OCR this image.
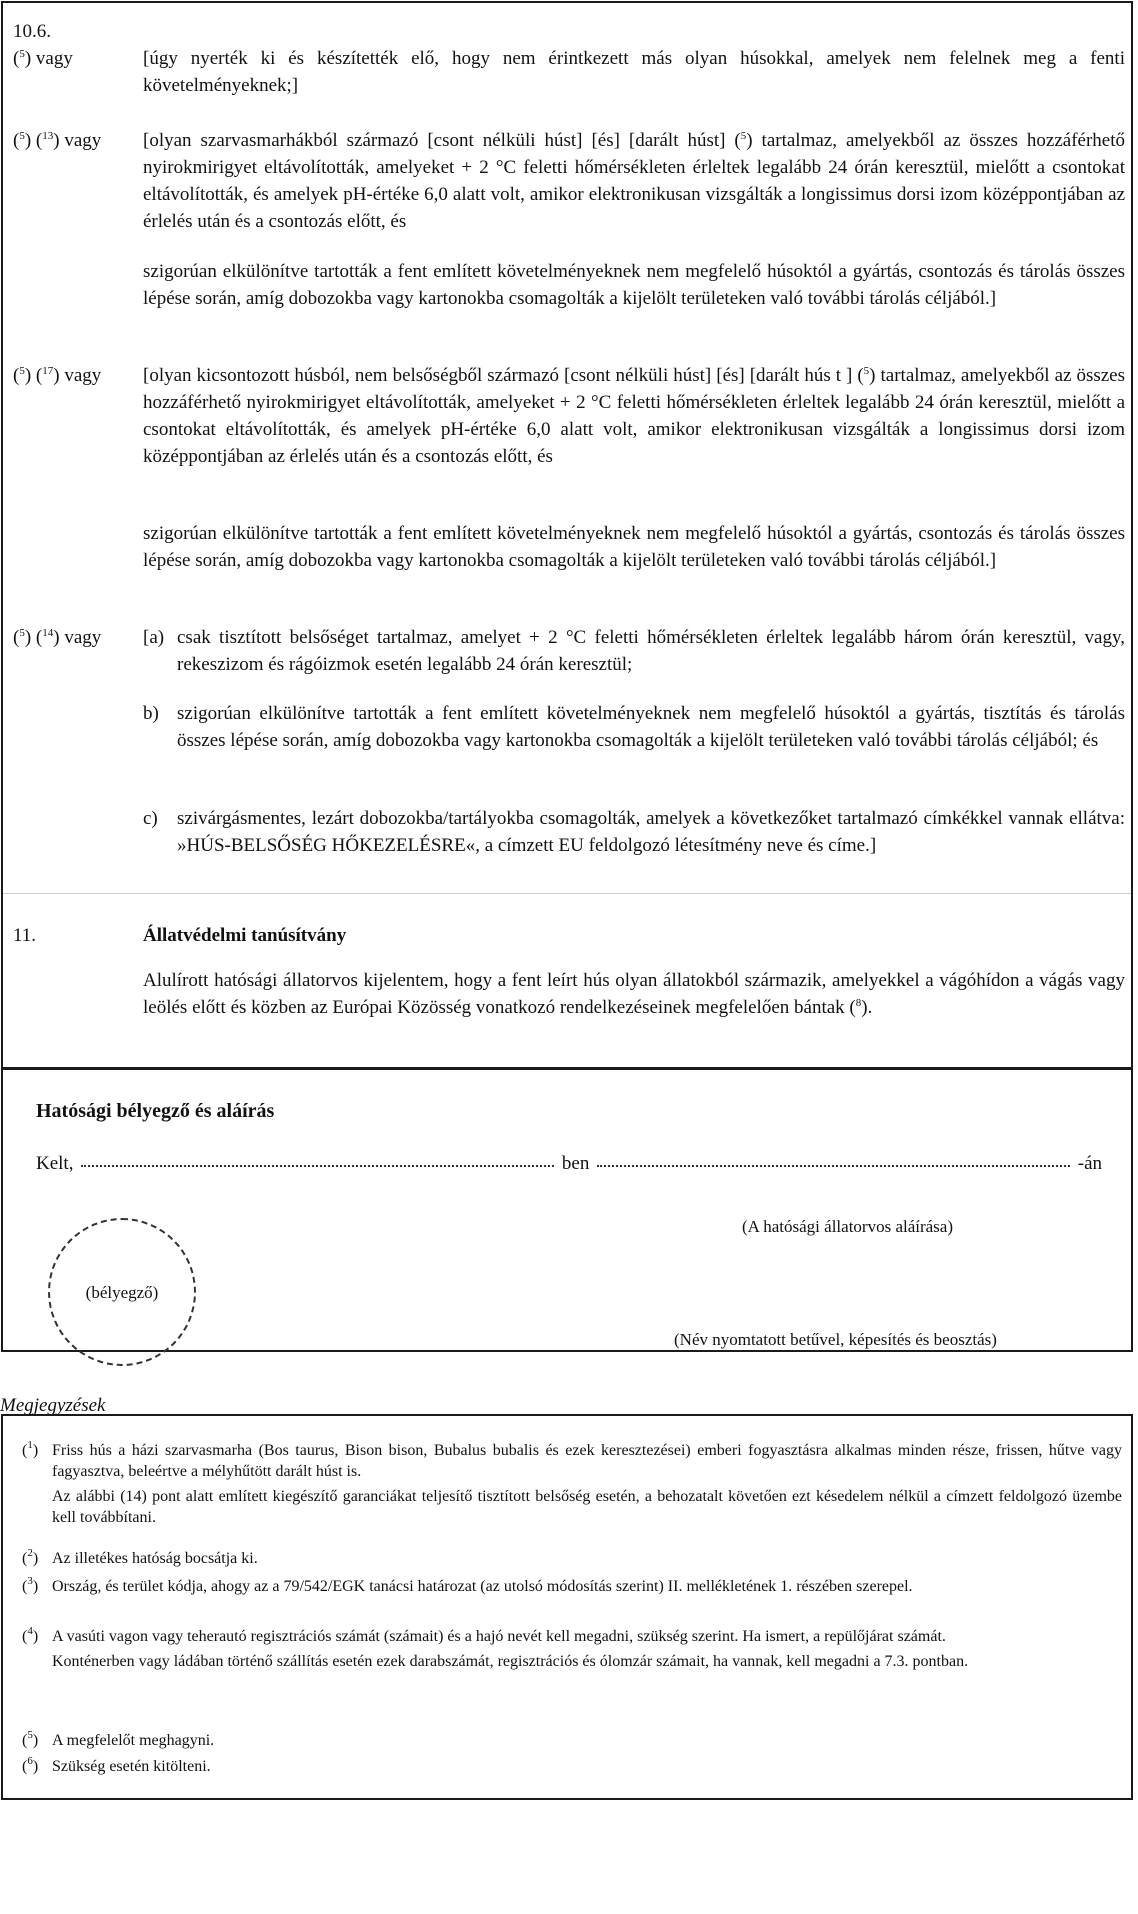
10.6.
($^5$) vagy	[úgy nyerték ki és készítették elő, hogy nem érintkezett más olyan húsokkal, amelyek nem felelnek meg a fenti követelményeknek;]
($^5$) ($^{13}$) vagy [olyan szarvasmarhákból származó [csont nélküli húst] [és] [darált húst] ($^5$) tartalmaz, amelyekből az összes hozzáférhető nyirokmirigyet eltávolították, amelyeket + 2 °C feletti hőmérsékleten érleltek legalább 24 órán keresztül, mielőtt a csontokat eltávolították, és amelyek pH-értéke 6,0 alatt volt, amikor elektronikusan vizsgálták a longissimus dorsi izom középpontjában az érlelés után és a csontozás előtt, és
szigorúan elkülönítve tartották a fent említett követelményeknek nem megfelelő húsoktól a gyártás, csontozás és tárolás összes lépése során, amíg dobozokba vagy kartonokba csomagolták a kijelölt területeken való további tárolás céljából.]
($^5$) ($^{17}$) vagy [olyan kicsontozott húsból, nem belsőségből származó [csont nélküli húst] [és] [darált hús t ] ($^5$) tartalmaz, amelyekből az összes hozzáférhető nyirokmirigyet eltávolították, amelyeket + 2 °C feletti hőmérsékleten érleltek legalább 24 órán keresztül, mielőtt a csontokat eltávolították, és amelyek pH-értéke 6,0 alatt volt, amikor elektronikusan vizsgálták a longissimus dorsi izom középpontjában az érlelés után és a csontozás előtt, és
szigorúan elkülönítve tartották a fent említett követelményeknek nem megfelelő húsoktól a gyártás, csontozás és tárolás összes lépése során, amíg dobozokba vagy kartonokba csomagolták a kijelölt területeken való további tárolás céljából.]
($^5$) ($^{14}$) vagy [a) csak tisztított belsőséget tartalmaz, amelyet + 2 °C feletti hőmérsékleten érleltek legalább három órán keresztül, vagy, rekeszizom és rágóizmok esetén legalább 24 órán keresztül;
b) szigorúan elkülönítve tartották a fent említett követelményeknek nem megfelelő húsoktól a gyártás, tisztítás és tárolás összes lépése során, amíg dobozokba vagy kartonokba csomagolták a kijelölt területeken való további tárolás céljából; és
c) szivárgásmentes, lezárt dobozokba/tartályokba csomagolták, amelyek a következőket tartalmazó címkékkel vannak ellátva: »HÚS-BELSŐSÉG HŐKEZELÉSRE«, a címzett EU feldolgozó létesítmény neve és címe.]
11.	Állatvédelmi tanúsítvány
Alulírott hatósági állatorvos kijelentem, hogy a fent leírt hús olyan állatokból származik, amelyekkel a vágóhídon a vágás vagy leölés előtt és közben az Európai Közösség vonatkozó rendelkezéseinek megfelelően bántak ($^8$).
Hatósági bélyegző és aláírás
Kelt,	ben	-án
(bélyegző)
(A hatósági állatorvos aláírása)
(Név nyomtatott betűvel, képesítés és beosztás)
Megjegyzések
($^1$) Friss hús a házi szarvasmarha (Bos taurus, Bison bison, Bubalus bubalis és ezek keresztezései) emberi fogyasztásra alkalmas minden része, frissen, hűtve vagy fagyasztva, beleértve a mélyhűtött darált húst is.

Az alábbi (14) pont alatt említett kiegészítő garanciákat teljesítő tisztított belsőség esetén, a behozatalt követően ezt késedelem nélkül a címzett feldolgozó üzembe kell továbbítani.

($^2$) Az illetékes hatóság bocsátja ki.

($^3$) Ország, és terület kódja, ahogy az a 79/542/EGK tanácsi határozat (az utolsó módosítás szerint) II. mellékletének 1. részében szerepel.

($^4$) A vasúti vagon vagy teherautó regisztrációs számát (számait) és a hajó nevét kell megadni, szükség szerint. Ha ismert, a repülőjárat számát.

Konténerben vagy ládában történő szállítás esetén ezek darabszámát, regisztrációs és ólomzár számait, ha vannak, kell megadni a 7.3. pontban.

($^5$) A megfelelőt meghagyni.

($^6$) Szükség esetén kitölteni.
